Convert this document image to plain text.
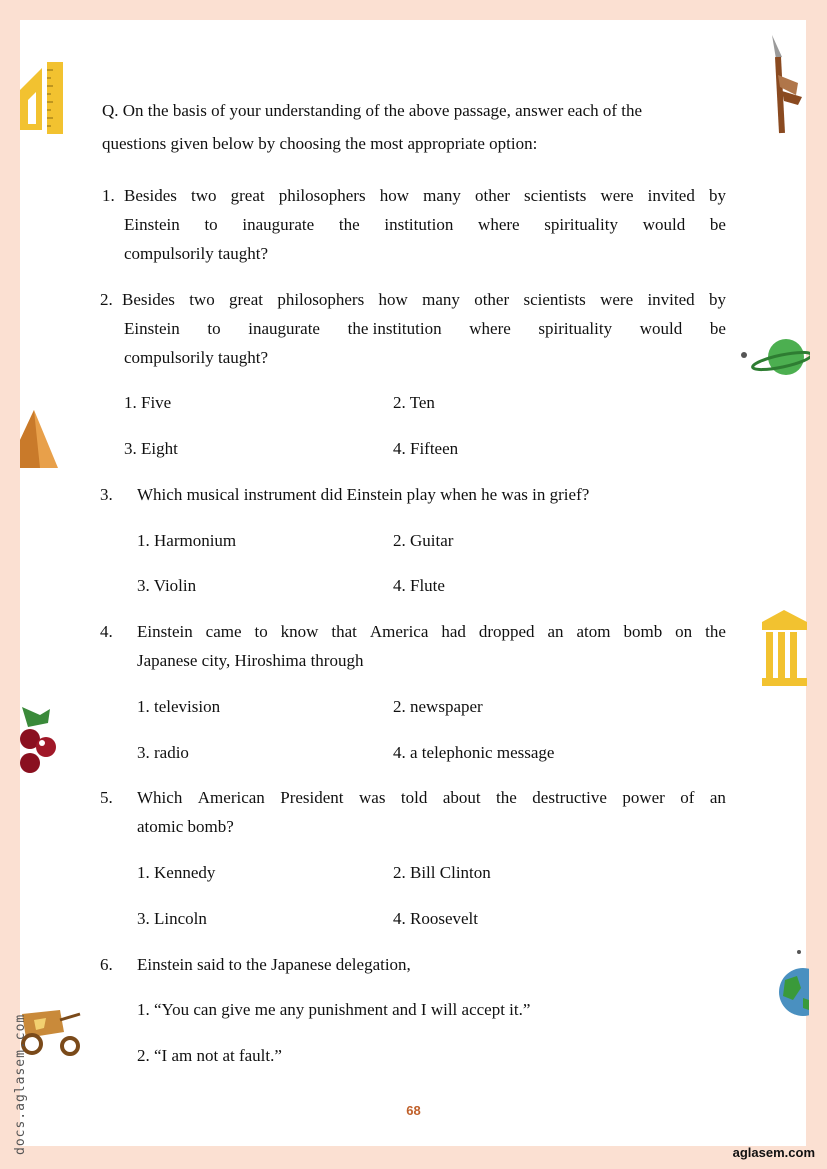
Q. On the basis of your understanding of the above passage, answer each of the
questions given below by choosing the most appropriate option:
1. Besides two great philosophers how many other scientists were invited by
Einstein to inaugurate the institution where spirituality would be
compulsorily taught?
2. Besides two great philosophers how many other scientists were invited by
Einstein to inaugurate the institution where spirituality would be
compulsorily taught?
1. Five	2. Ten
3. Eight	4. Fifteen
3. Which musical instrument did Einstein play when he was in grief?
1. Harmonium	2. Guitar
3. Violin	4. Flute
4. Einstein came to know that America had dropped an atom bomb on the
Japanese city, Hiroshima through
1. television	2. newspaper
3. radio	4. a telephonic message
5. Which American President was told about the destructive power of an
atomic bomb?
1. Kennedy	2. Bill Clinton
3. Lincoln	4. Roosevelt
6. Einstein said to the Japanese delegation,
1. “You can give me any punishment and I will accept it.”
2. “I am not at fault.”
68
aglasem.com
docs.aglasem.com
